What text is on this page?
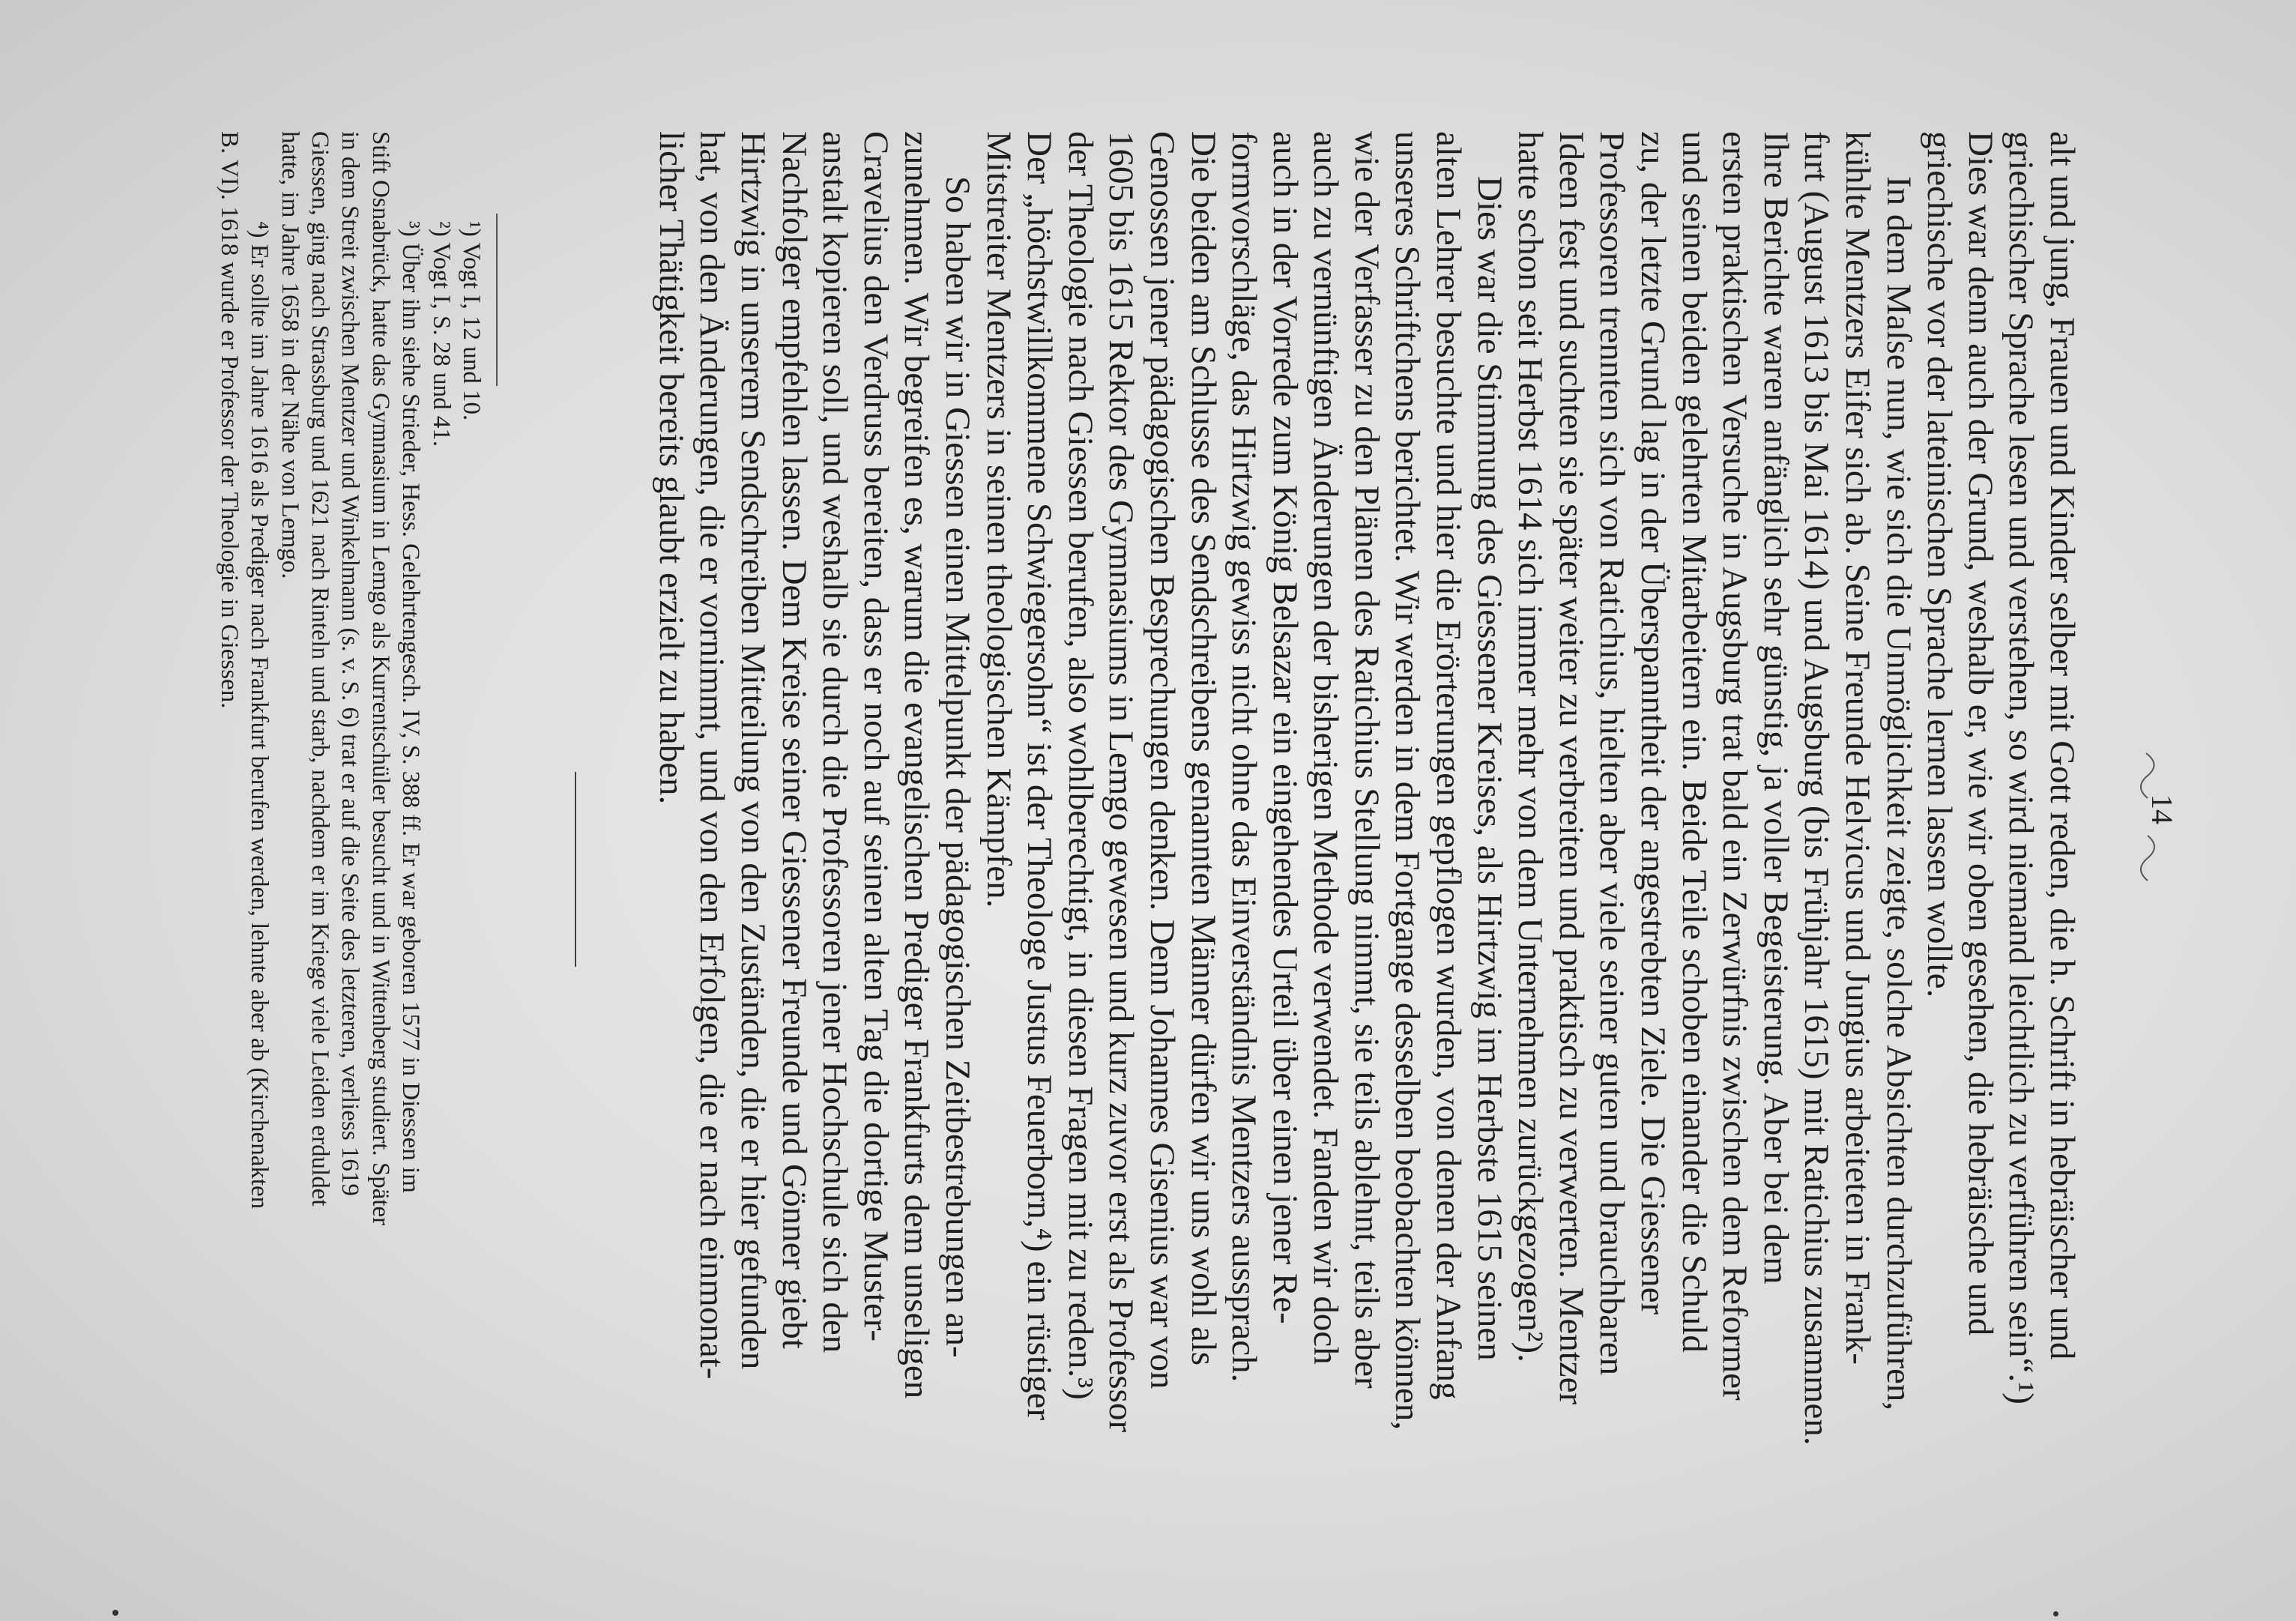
14

alt und jung, Frauen und Kinder selber mit Gott reden, die h. Schrift in hebräischer und
griechischer Sprache lesen und verstehen, so wird niemand leichtlich zu verführen sein“.¹)
Dies war denn auch der Grund, weshalb er, wie wir oben gesehen, die hebräische und
griechische vor der lateinischen Sprache lernen lassen wollte.

In dem Maſse nun, wie sich die Unmöglichkeit zeigte, solche Absichten durchzuführen,
kühlte Mentzers Eifer sich ab. Seine Freunde Helvicus und Jungius arbeiteten in Frank-
furt (August 1613 bis Mai 1614) und Augsburg (bis Frühjahr 1615) mit Ratichius zusammen.
Ihre Berichte waren anfänglich sehr günstig, ja voller Begeisterung. Aber bei dem
ersten praktischen Versuche in Augsburg trat bald ein Zerwürfnis zwischen dem Reformer
und seinen beiden gelehrten Mitarbeitern ein. Beide Teile schoben einander die Schuld
zu, der letzte Grund lag in der Überspanntheit der angestrebten Ziele. Die Giessener
Professoren trennten sich von Ratichius, hielten aber viele seiner guten und brauchbaren
Ideen fest und suchten sie später weiter zu verbreiten und praktisch zu verwerten. Mentzer
hatte schon seit Herbst 1614 sich immer mehr von dem Unternehmen zurückgezogen²).

Dies war die Stimmung des Giessener Kreises, als Hirtzwig im Herbste 1615 seinen
alten Lehrer besuchte und hier die Erörterungen gepflogen wurden, von denen der Anfang
unseres Schriftchens berichtet. Wir werden in dem Fortgange desselben beobachten können,
wie der Verfasser zu den Plänen des Ratichius Stellung nimmt, sie teils ablehnt, teils aber
auch zu vernünftigen Änderungen der bisherigen Methode verwendet. Fanden wir doch
auch in der Vorrede zum König Belsazar ein eingehendes Urteil über einen jener Re-
formvorschläge, das Hirtzwig gewiss nicht ohne das Einverständnis Mentzers aussprach.
Die beiden am Schlusse des Sendschreibens genannten Männer dürfen wir uns wohl als
Genossen jener pädagogischen Besprechungen denken. Denn Johannes Gisenius war von
1605 bis 1615 Rektor des Gymnasiums in Lemgo gewesen und kurz zuvor erst als Professor
der Theologie nach Giessen berufen, also wohlberechtigt, in diesen Fragen mit zu reden.³)
Der „höchstwillkommene Schwiegersohn“ ist der Theologe Justus Feuerborn,⁴) ein rüstiger
Mitstreiter Mentzers in seinen theologischen Kämpfen.

So haben wir in Giessen einen Mittelpunkt der pädagogischen Zeitbestrebungen an-
zunehmen. Wir begreifen es, warum die evangelischen Prediger Frankfurts dem unseligen
Cravelius den Verdruss bereiten, dass er noch auf seinen alten Tag die dortige Muster-
anstalt kopieren soll, und weshalb sie durch die Professoren jener Hochschule sich den
Nachfolger empfehlen lassen. Dem Kreise seiner Giessener Freunde und Gönner giebt
Hirtzwig in unserem Sendschreiben Mitteilung von den Zuständen, die er hier gefunden
hat, von den Änderungen, die er vornimmt, und von den Erfolgen, die er nach einmonat-
licher Thätigkeit bereits glaubt erzielt zu haben.

¹) Vogt I, 12 und 10.

²) Vogt I, S. 28 und 41.

³) Über ihn siehe Strieder, Hess. Gelehrtengesch. IV, S. 388 ff. Er war geboren 1577 in Diessen im
Stift Osnabrück, hatte das Gymnasium in Lemgo als Kurrentschüler besucht und in Wittenberg studiert. Später
in dem Streit zwischen Mentzer und Winkelmann (s. v. S. 6) trat er auf die Seite des letzteren, verliess 1619
Giessen, ging nach Strassburg und 1621 nach Rinteln und starb, nachdem er im Kriege viele Leiden erduldet
hatte, im Jahre 1658 in der Nähe von Lemgo.

⁴) Er sollte im Jahre 1616 als Prediger nach Frankfurt berufen werden, lehnte aber ab (Kirchenakten
B. VI). 1618 wurde er Professor der Theologie in Giessen.
